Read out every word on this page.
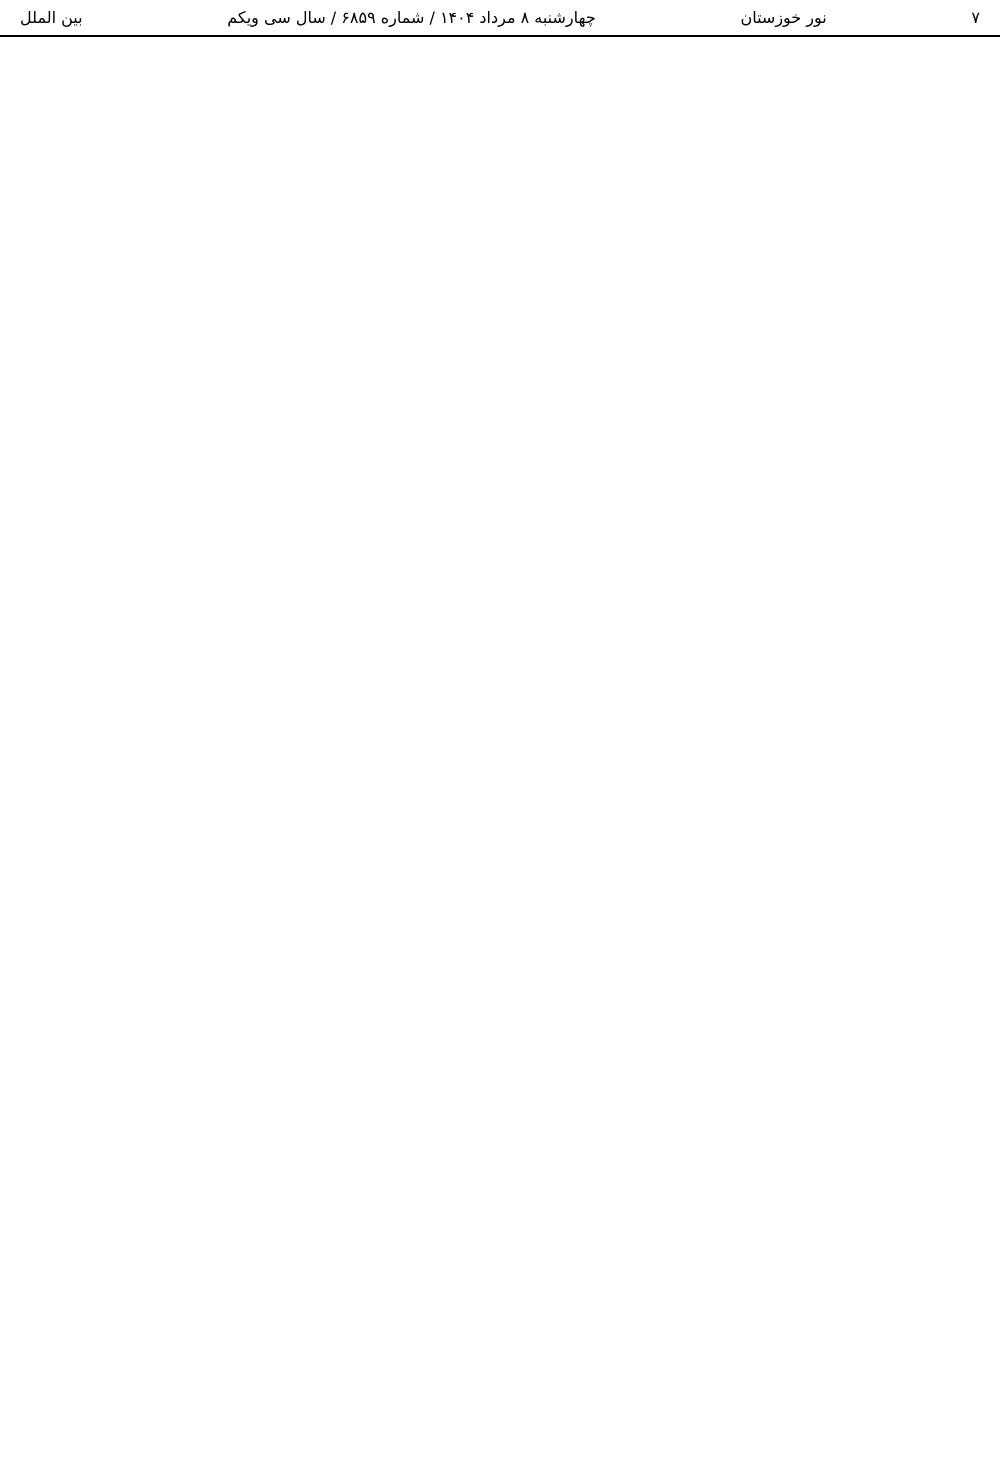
۷
نور خوزستان
چهارشنبه ۸ مرداد ۱۴۰۴ / شماره ۶۸۵۹ / سال سی ویکم
بین الملل
